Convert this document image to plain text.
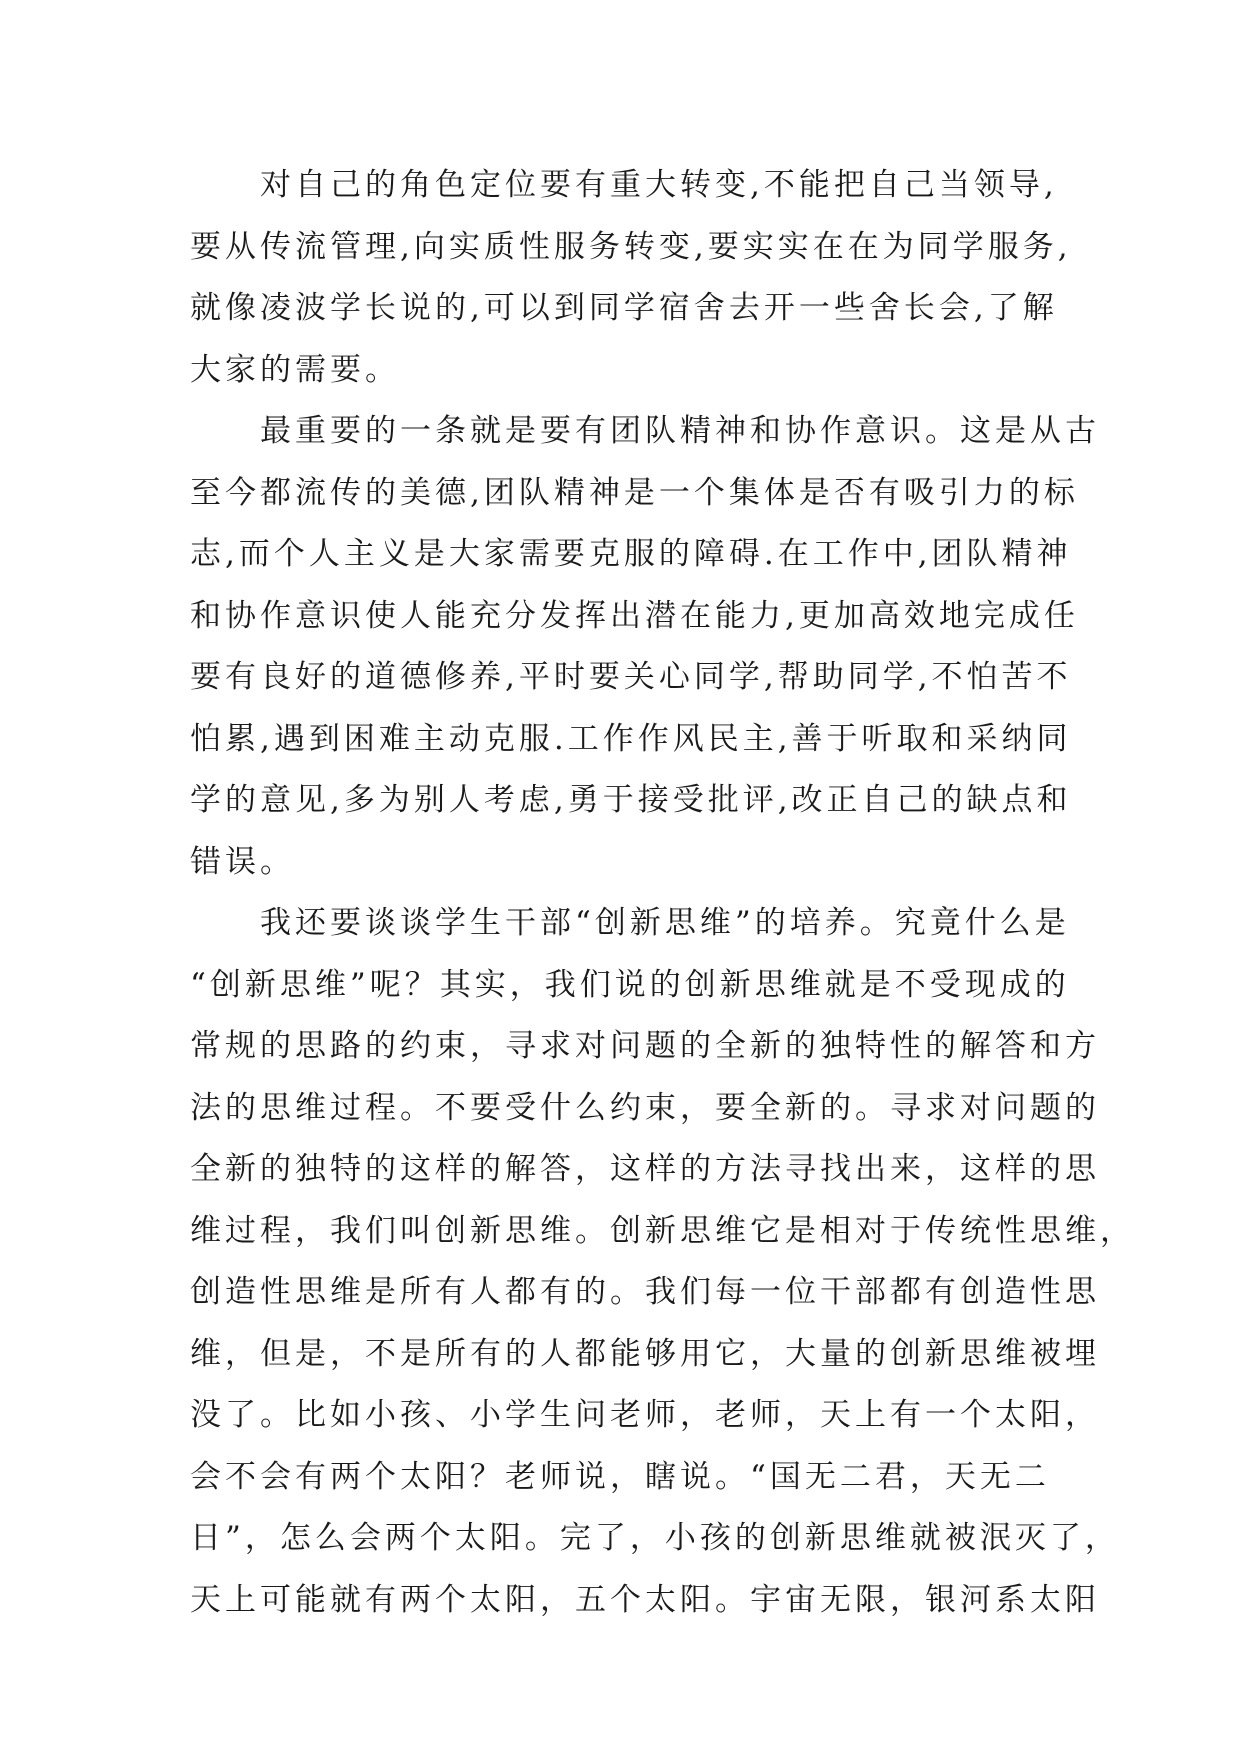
对自己的角色定位要有重大转变,不能把自己当领导,
要从传流管理,向实质性服务转变,要实实在在为同学服务,
就像凌波学长说的,可以到同学宿舍去开一些舍长会,了解
大家的需要。
最重要的一条就是要有团队精神和协作意识。这是从古
至今都流传的美德,团队精神是一个集体是否有吸引力的标
志,而个人主义是大家需要克服的障碍.在工作中,团队精神
和协作意识使人能充分发挥出潜在能力,更加高效地完成任
要有良好的道德修养,平时要关心同学,帮助同学,不怕苦不
怕累,遇到困难主动克服.工作作风民主,善于听取和采纳同
学的意见,多为别人考虑,勇于接受批评,改正自己的缺点和
错误。
我还要谈谈学生干部“创新思维”的培养。究竟什么是
“创新思维”呢？其实，我们说的创新思维就是不受现成的
常规的思路的约束，寻求对问题的全新的独特性的解答和方
法的思维过程。不要受什么约束，要全新的。寻求对问题的
全新的独特的这样的解答，这样的方法寻找出来，这样的思
维过程，我们叫创新思维。创新思维它是相对于传统性思维，
创造性思维是所有人都有的。我们每一位干部都有创造性思
维，但是，不是所有的人都能够用它，大量的创新思维被埋
没了。比如小孩、小学生问老师，老师，天上有一个太阳，
会不会有两个太阳？老师说，瞎说。“国无二君，天无二
日”，怎么会两个太阳。完了，小孩的创新思维就被泯灭了，
天上可能就有两个太阳，五个太阳。宇宙无限，银河系太阳
